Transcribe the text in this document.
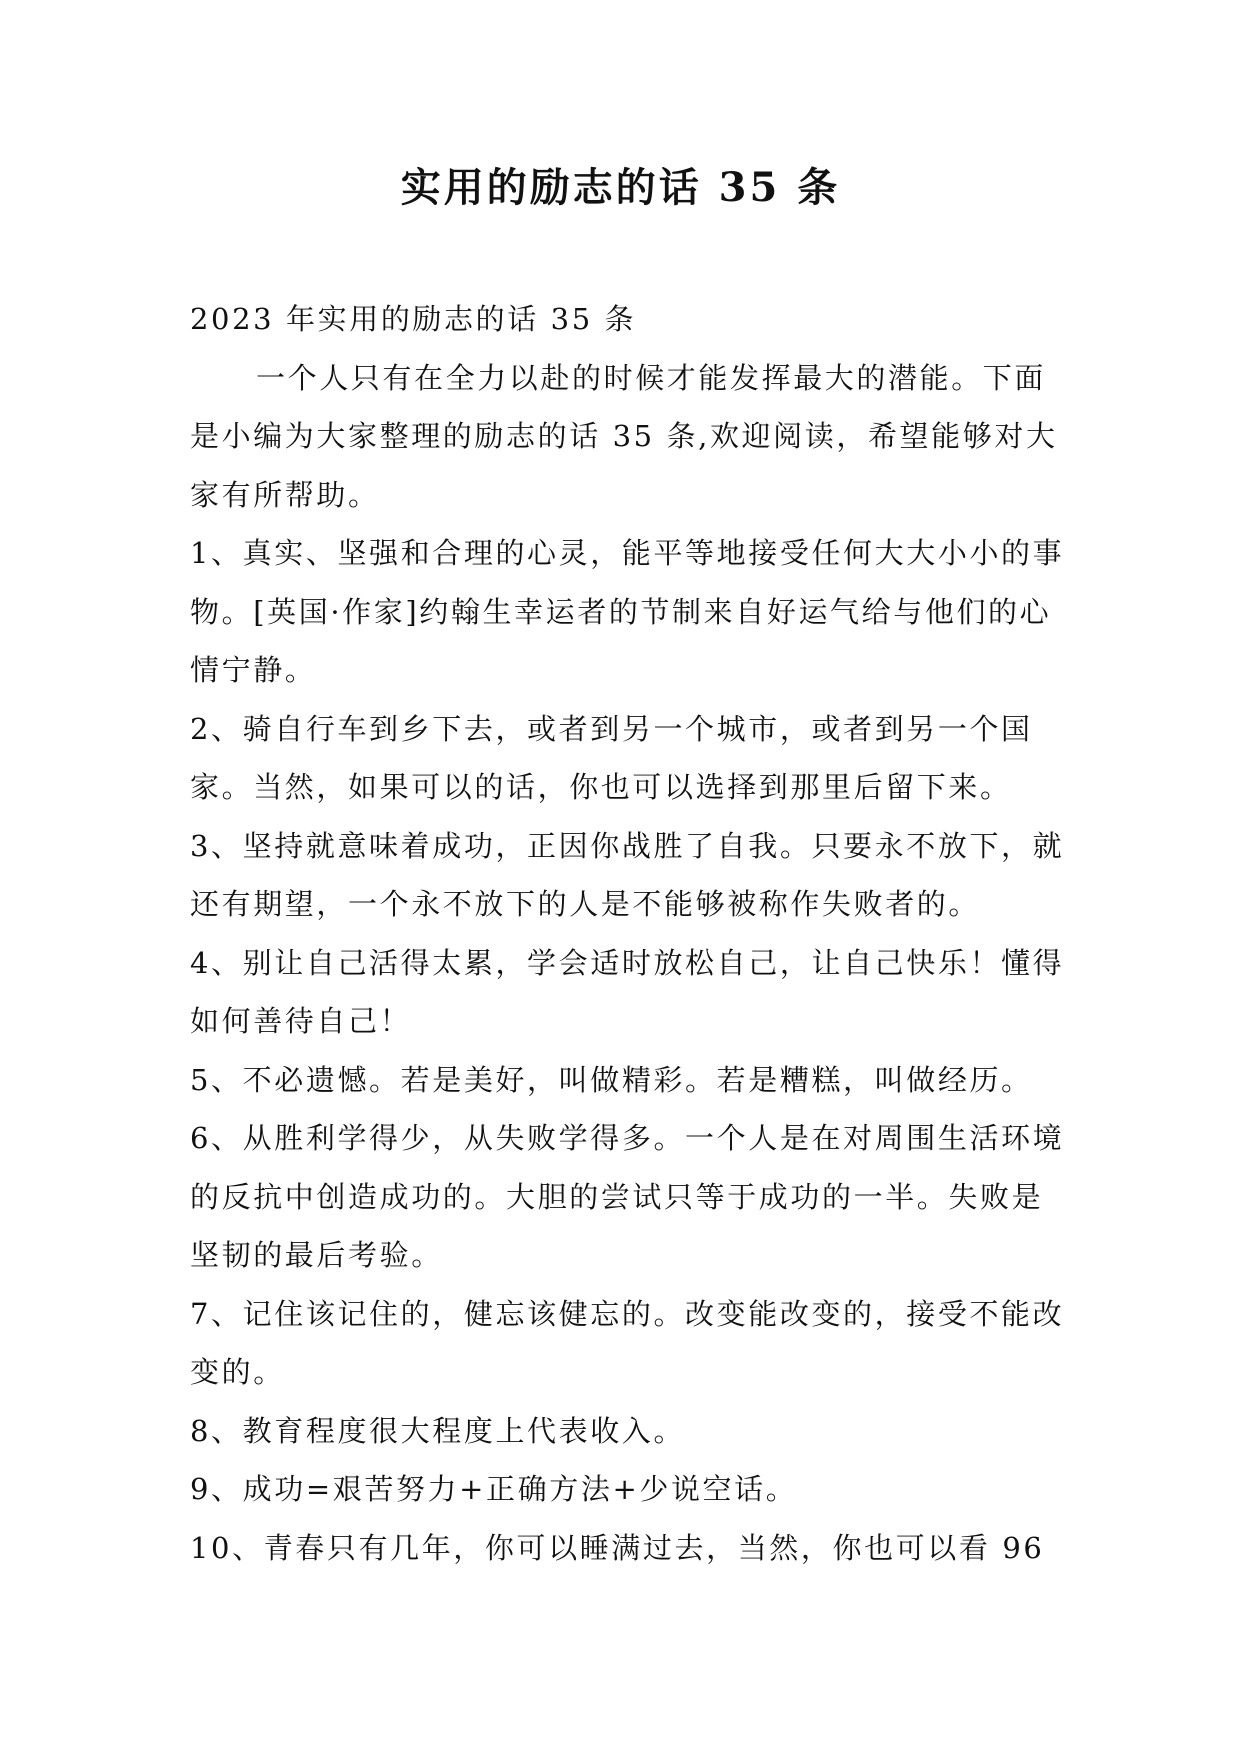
实用的励志的话 35 条

2023 年实用的励志的话 35 条

一个人只有在全力以赴的时候才能发挥最大的潜能。下面是小编为大家整理的励志的话 35 条,欢迎阅读，希望能够对大家有所帮助。

1、真实、坚强和合理的心灵，能平等地接受任何大大小小的事物。[英国·作家]约翰生幸运者的节制来自好运气给与他们的心情宁静。

2、骑自行车到乡下去，或者到另一个城市，或者到另一个国家。当然，如果可以的话，你也可以选择到那里后留下来。

3、坚持就意味着成功，正因你战胜了自我。只要永不放下，就还有期望，一个永不放下的人是不能够被称作失败者的。

4、别让自己活得太累，学会适时放松自己，让自己快乐！懂得如何善待自己！

5、不必遗憾。若是美好，叫做精彩。若是糟糕，叫做经历。

6、从胜利学得少，从失败学得多。一个人是在对周围生活环境的反抗中创造成功的。大胆的尝试只等于成功的一半。失败是坚韧的最后考验。

7、记住该记住的，健忘该健忘的。改变能改变的，接受不能改变的。

8、教育程度很大程度上代表收入。

9、成功=艰苦努力+正确方法+少说空话。

10、青春只有几年，你可以睡满过去，当然，你也可以看 96
